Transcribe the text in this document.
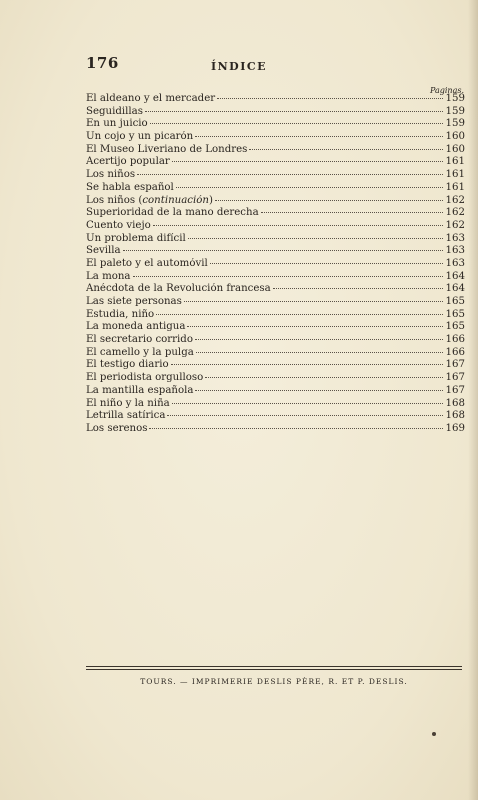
176	ÍNDICE
Paginas.
El aldeano y el mercader	159
Seguidillas	159
En un juicio	159
Un cojo y un picarón	160
El Museo Liveriano de Londres	160
Acertijo popular	161
Los niños	161
Se habla español	161
Los niños (continuación)	162
Superioridad de la mano derecha	162
Cuento viejo	162
Un problema difícil	163
Sevilla	163
El paleto y el automóvil	163
La mona	164
Anécdota de la Revolución francesa	164
Las siete personas	165
Estudia, niño	165
La moneda antigua	165
El secretario corrido	166
El camello y la pulga	166
El testigo diario	167
El periodista orgulloso	167
La mantilla española	167
El niño y la niña	168
Letrilla satírica	168
Los serenos	169
TOURS. — IMPRIMERIE DESLIS PÈRE, R. ET P. DESLIS.
